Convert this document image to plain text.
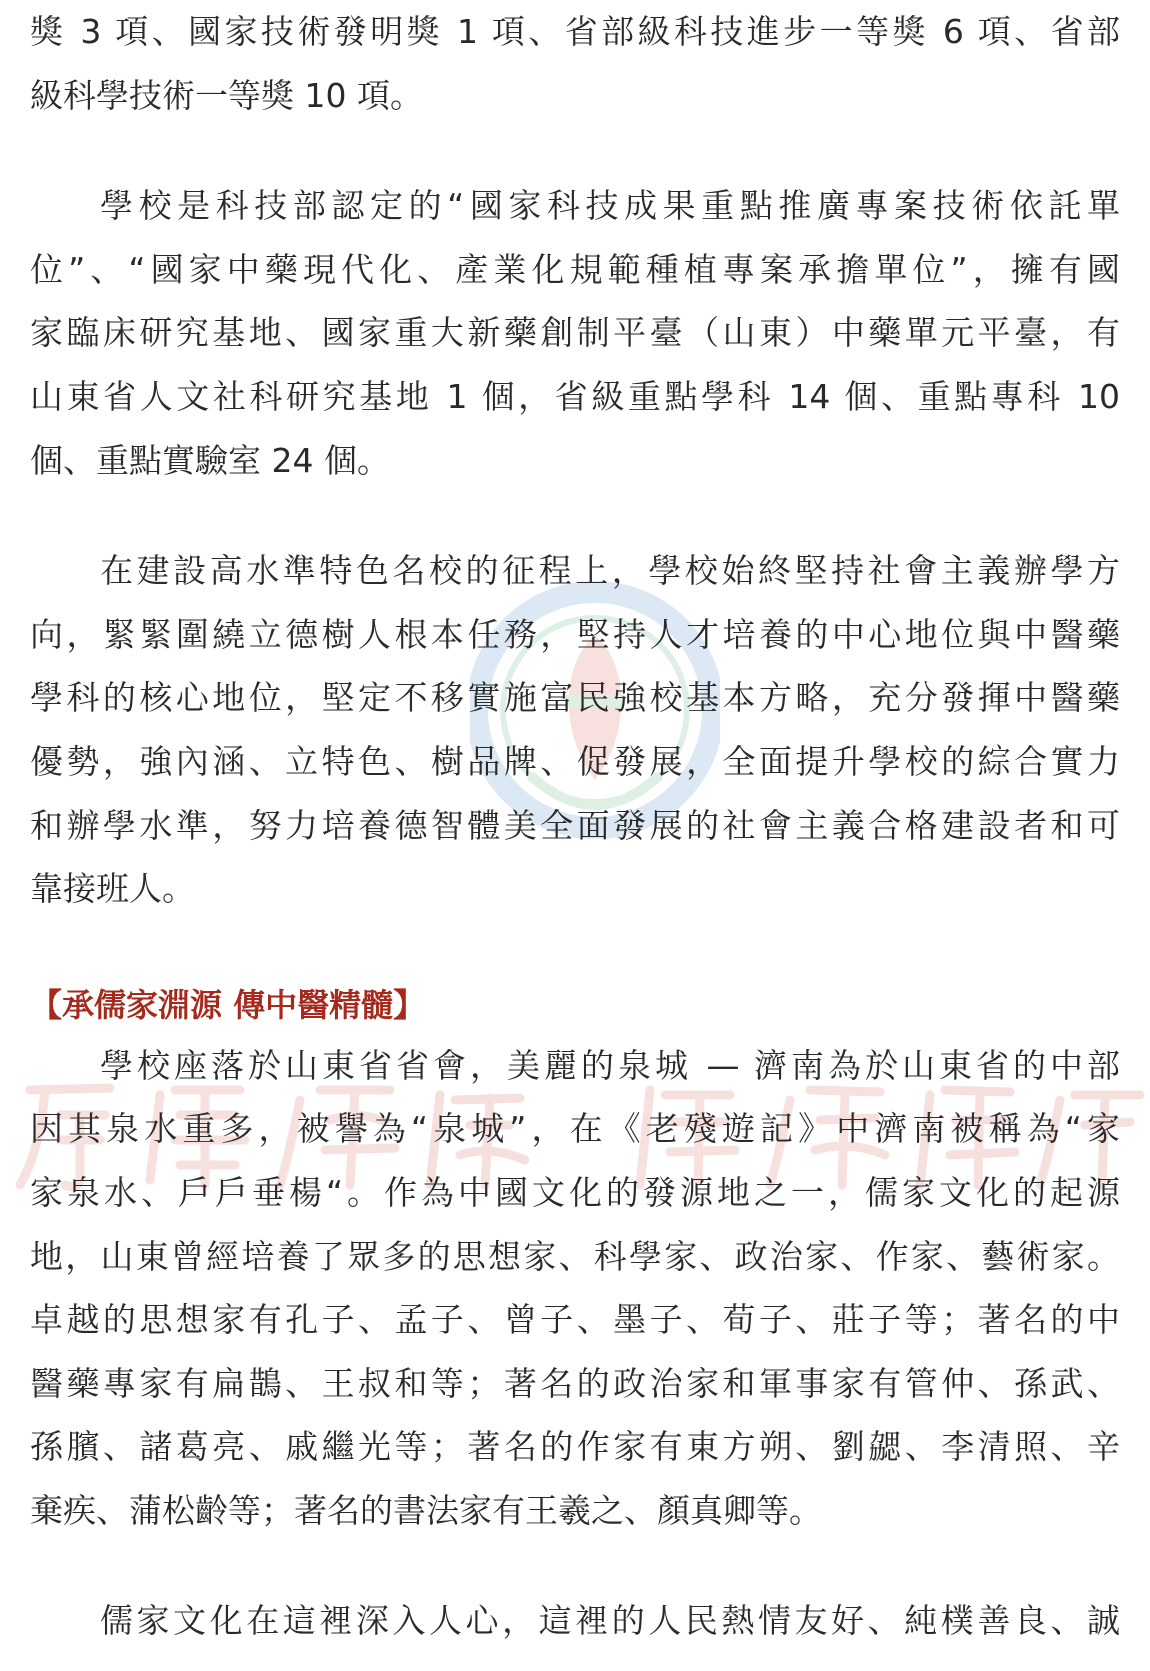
獎 3 項、國家技術發明獎 1 項、省部級科技進步一等獎 6 項、省部
級科學技術一等獎 10 項。
學校是科技部認定的“國家科技成果重點推廣專案技術依託單
位”、“國家中藥現代化、產業化規範種植專案承擔單位”，擁有國
家臨床研究基地、國家重大新藥創制平臺（山東）中藥單元平臺，有
山東省人文社科研究基地 1 個，省級重點學科 14 個、重點專科 10
個、重點實驗室 24 個。
在建設高水準特色名校的征程上，學校始終堅持社會主義辦學方
向，緊緊圍繞立德樹人根本任務，堅持人才培養的中心地位與中醫藥
學科的核心地位，堅定不移實施富民強校基本方略，充分發揮中醫藥
優勢，強內涵、立特色、樹品牌、促發展，全面提升學校的綜合實力
和辦學水準，努力培養德智體美全面發展的社會主義合格建設者和可
靠接班人。
【承儒家淵源 傳中醫精髓】
學校座落於山東省省會，美麗的泉城 — 濟南為於山東省的中部
因其泉水重多，被譽為“泉城”，在《老殘遊記》中濟南被稱為“家
家泉水、戶戶垂楊“。作為中國文化的發源地之一，儒家文化的起源
地，山東曾經培養了眾多的思想家、科學家、政治家、作家、藝術家。
卓越的思想家有孔子、孟子、曾子、墨子、荀子、莊子等；著名的中
醫藥專家有扁鵲、王叔和等；著名的政治家和軍事家有管仲、孫武、
孫臏、諸葛亮、戚繼光等；著名的作家有東方朔、劉勰、李清照、辛
棄疾、蒲松齡等；著名的書法家有王羲之、顏真卿等。
儒家文化在這裡深入人心，這裡的人民熱情友好、純樸善良、誠
